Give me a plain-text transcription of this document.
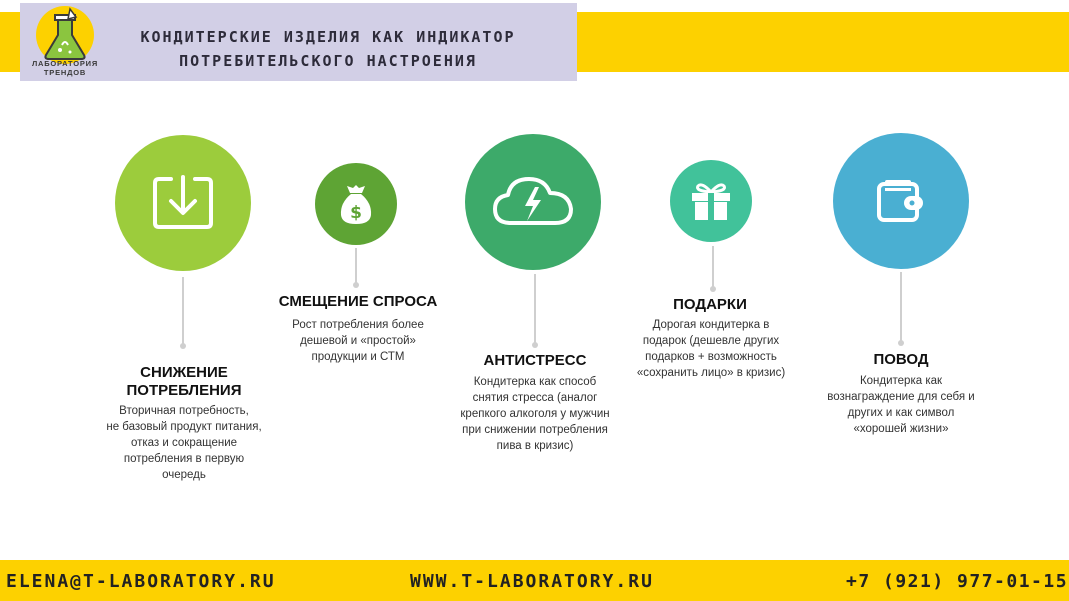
ЛАБОРАТОРИЯ
ТРЕНДОВ
КОНДИТЕРСКИЕ ИЗДЕЛИЯ КАК ИНДИКАТОР
ПОТРЕБИТЕЛЬСКОГО НАСТРОЕНИЯ
СНИЖЕНИЕ
ПОТРЕБЛЕНИЯ
Вторичная потребность,
не базовый продукт питания,
отказ и сокращение
потребления в первую
очередь
$
СМЕЩЕНИЕ СПРОСА
Рост потребления более
дешевой и «простой»
продукции и СТМ	АНТИСТРЕСС
Кондитерка как способ
снятия стресса (аналог
крепкого алкоголя у мужчин
при снижении потребления
пива в кризис)
ПОДАРКИ
Дорогая кондитерка в
подарок (дешевле других
подарков + возможность
«сохранить лицо» в кризис)
ПОВОД
Кондитерка как
вознаграждение для себя и
других и как символ
«хорошей жизни»
ELENA@T-LABORATORY.RU	WWW.T-LABORATORY.RU	+7 (921) 977-01-15
